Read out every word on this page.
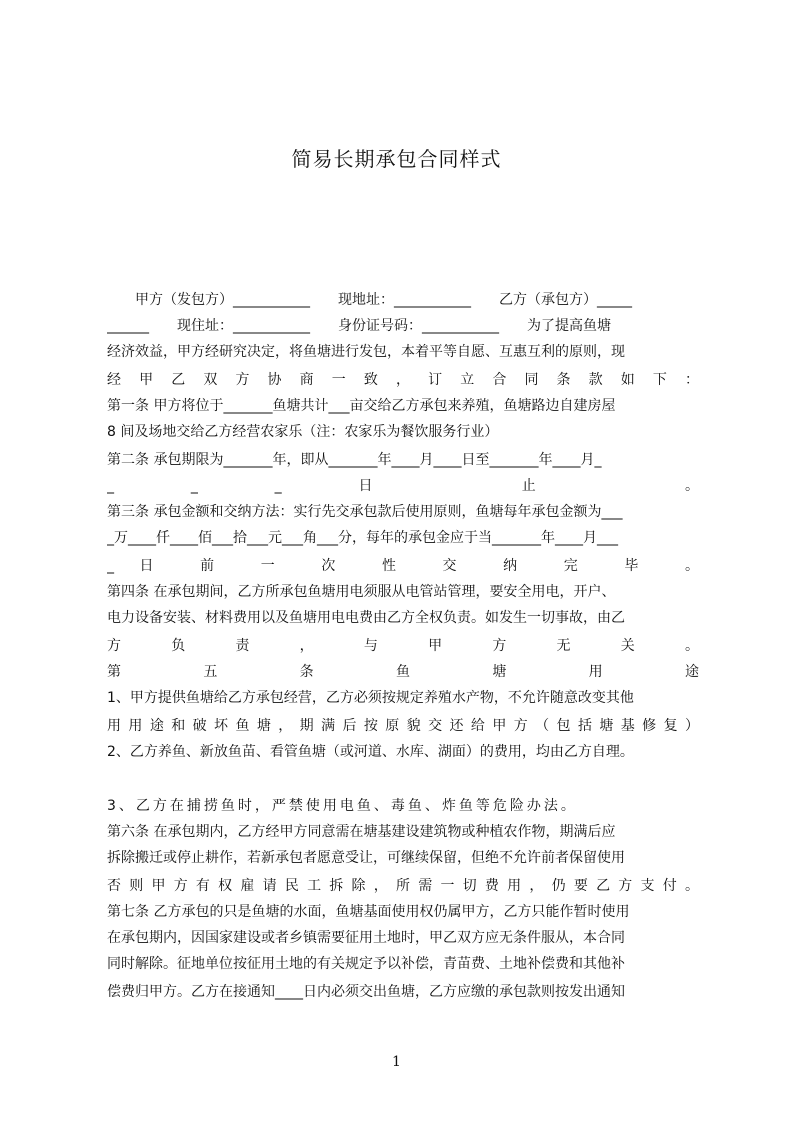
简易长期承包合同样式
　　甲方（发包方）___________　　现地址：___________　　乙方（承包方）_____
______　　现住址：___________　　身份证号码：___________　　为了提高鱼塘
经济效益，甲方经研究决定，将鱼塘进行发包，本着平等自愿、互惠互利的原则，现
经 甲 乙 双 方 协 商 一 致 ， 订 立 合 同 条 款 如 下 ：
第一条 甲方将位于_______鱼塘共计___亩交给乙方承包来养殖，鱼塘路边自建房屋
8 间及场地交给乙方经营农家乐（注：农家乐为餐饮服务行业）
第二条 承包期限为_______年，即从_______年____月____日至_______年____月_
_ _ _ 日 止 。
第三条 承包金额和交纳方法：实行先交承包款后使用原则，鱼塘每年承包金额为___
_万____仟____佰___拾___元___角___分，每年的承包金应于当_______年____月___
_ 日 前 一 次 性 交 纳 完 毕 。
第四条 在承包期间，乙方所承包鱼塘用电须服从电管站管理，要安全用电，开户、
电力设备安装、材料费用以及鱼塘用电电费由乙方全权负责。如发生一切事故，由乙
方 负 责 ， 与 甲 方 无 关 。
第 五 条 鱼 塘 用 途
1、甲方提供鱼塘给乙方承包经营，乙方必须按规定养殖水产物，不允许随意改变其他
用 用 途 和 破 坏 鱼 塘 ， 期 满 后 按 原 貌 交 还 给 甲 方 （ 包 括 塘 基 修 复 ）
2、乙方养鱼、新放鱼苗、看管鱼塘（或河道、水库、湖面）的费用，均由乙方自理。
3、乙方在捕捞鱼时，严禁使用电鱼、毒鱼、炸鱼等危险办法。
第六条 在承包期内，乙方经甲方同意需在塘基建设建筑物或种植农作物，期满后应
拆除搬迁或停止耕作，若新承包者愿意受让，可继续保留，但绝不允许前者保留使用
否 则 甲 方 有 权 雇 请 民 工 拆 除 ， 所 需 一 切 费 用 ， 仍 要 乙 方 支 付 。
第七条 乙方承包的只是鱼塘的水面，鱼塘基面使用权仍属甲方，乙方只能作暂时使用
在承包期内，因国家建设或者乡镇需要征用土地时，甲乙双方应无条件服从，本合同
同时解除。征地单位按征用土地的有关规定予以补偿，青苗费、土地补偿费和其他补
偿费归甲方。乙方在接通知____日内必须交出鱼塘，乙方应缴的承包款则按发出通知
1
